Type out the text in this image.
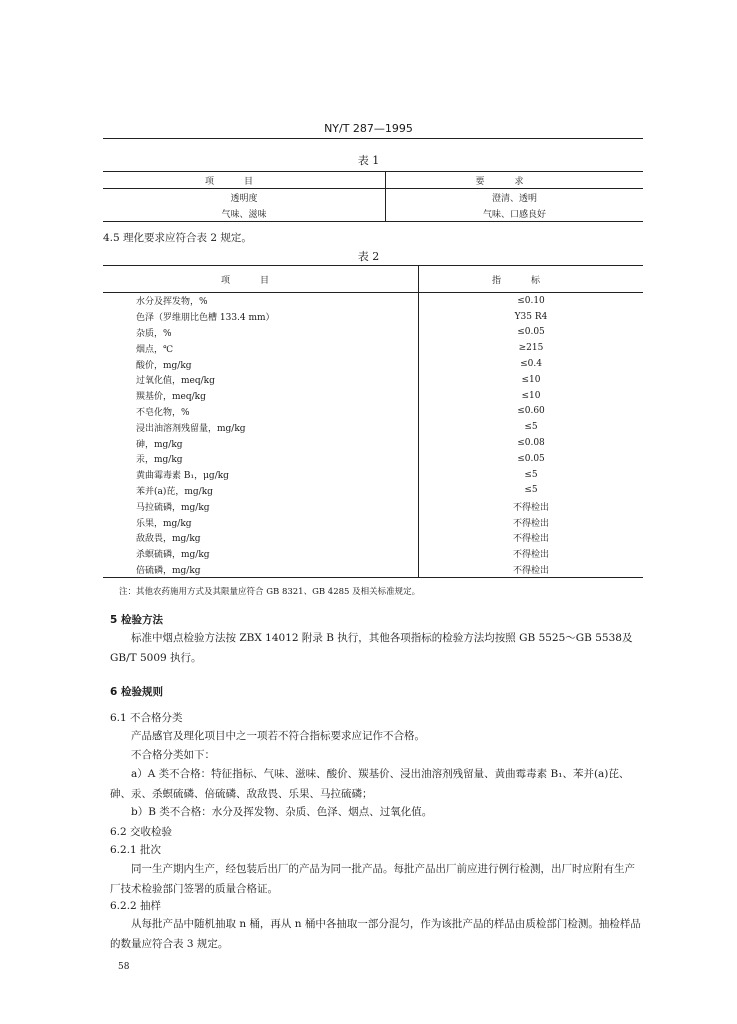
NY/T 287—1995
表 1
项目	要求
透明度	澄清、透明
气味、滋味	气味、口感良好
4.5 理化要求应符合表 2 规定。
表 2
项目	指标
水分及挥发物，%	≤0.10
色泽（罗维朋比色槽 133.4 mm）	Y35 R4
杂质，%	≤0.05
烟点，℃	≥215
酸价，mg/kg	≤0.4
过氧化值，meq/kg	≤10
羰基价，meq/kg	≤10
不皂化物，%	≤0.60
浸出油溶剂残留量，mg/kg	≤5
砷，mg/kg	≤0.08
汞，mg/kg	≤0.05
黄曲霉毒素 B₁，μg/kg	≤5
苯并(a)芘，mg/kg	≤5
马拉硫磷，mg/kg	不得检出
乐果，mg/kg	不得检出
敌敌畏，mg/kg	不得检出
杀螟硫磷，mg/kg	不得检出
倍硫磷，mg/kg	不得检出
注：其他农药施用方式及其限量应符合 GB 8321、GB 4285 及相关标准规定。
5 检验方法
标准中烟点检验方法按 ZBX 14012 附录 B 执行，其他各项指标的检验方法均按照 GB 5525～GB 5538及 GB/T 5009 执行。
6 检验规则
6.1 不合格分类
产品感官及理化项目中之一项若不符合指标要求应记作不合格。
不合格分类如下：
a）A 类不合格：特征指标、气味、滋味、酸价、羰基价、浸出油溶剂残留量、黄曲霉毒素 B₁、苯并(a)芘、砷、汞、杀螟硫磷、倍硫磷、敌敌畏、乐果、马拉硫磷；
b）B 类不合格：水分及挥发物、杂质、色泽、烟点、过氧化值。
6.2 交收检验
6.2.1 批次
同一生产期内生产，经包装后出厂的产品为同一批产品。每批产品出厂前应进行例行检测，出厂时应附有生产厂技术检验部门签署的质量合格证。
6.2.2 抽样
从每批产品中随机抽取 n 桶，再从 n 桶中各抽取一部分混匀，作为该批产品的样品由质检部门检测。抽检样品的数量应符合表 3 规定。
58
